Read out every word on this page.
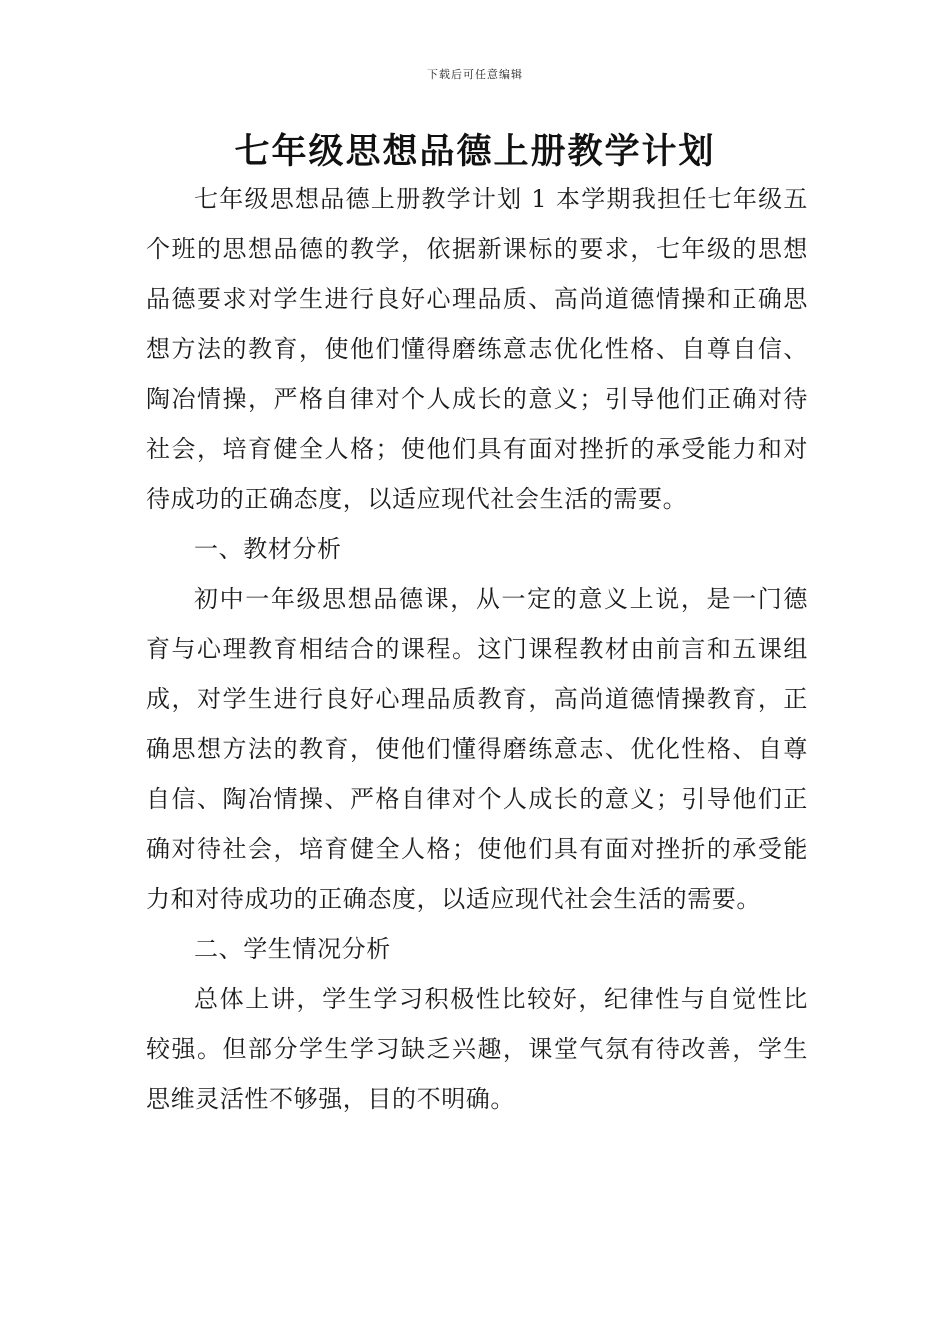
下载后可任意编辑
七年级思想品德上册教学计划

七年级思想品德上册教学计划 1 本学期我担任七年级五个班的思想品德的教学，依据新课标的要求，七年级的思想品德要求对学生进行良好心理品质、高尚道德情操和正确思想方法的教育，使他们懂得磨练意志优化性格、自尊自信、陶冶情操，严格自律对个人成长的意义；引导他们正确对待社会，培育健全人格；使他们具有面对挫折的承受能力和对待成功的正确态度，以适应现代社会生活的需要。

一、教材分析

初中一年级思想品德课，从一定的意义上说，是一门德育与心理教育相结合的课程。这门课程教材由前言和五课组成，对学生进行良好心理品质教育，高尚道德情操教育，正确思想方法的教育，使他们懂得磨练意志、优化性格、自尊自信、陶冶情操、严格自律对个人成长的意义；引导他们正确对待社会，培育健全人格；使他们具有面对挫折的承受能力和对待成功的正确态度，以适应现代社会生活的需要。

二、学生情况分析

总体上讲，学生学习积极性比较好，纪律性与自觉性比较强。但部分学生学习缺乏兴趣，课堂气氛有待改善，学生思维灵活性不够强，目的不明确。
